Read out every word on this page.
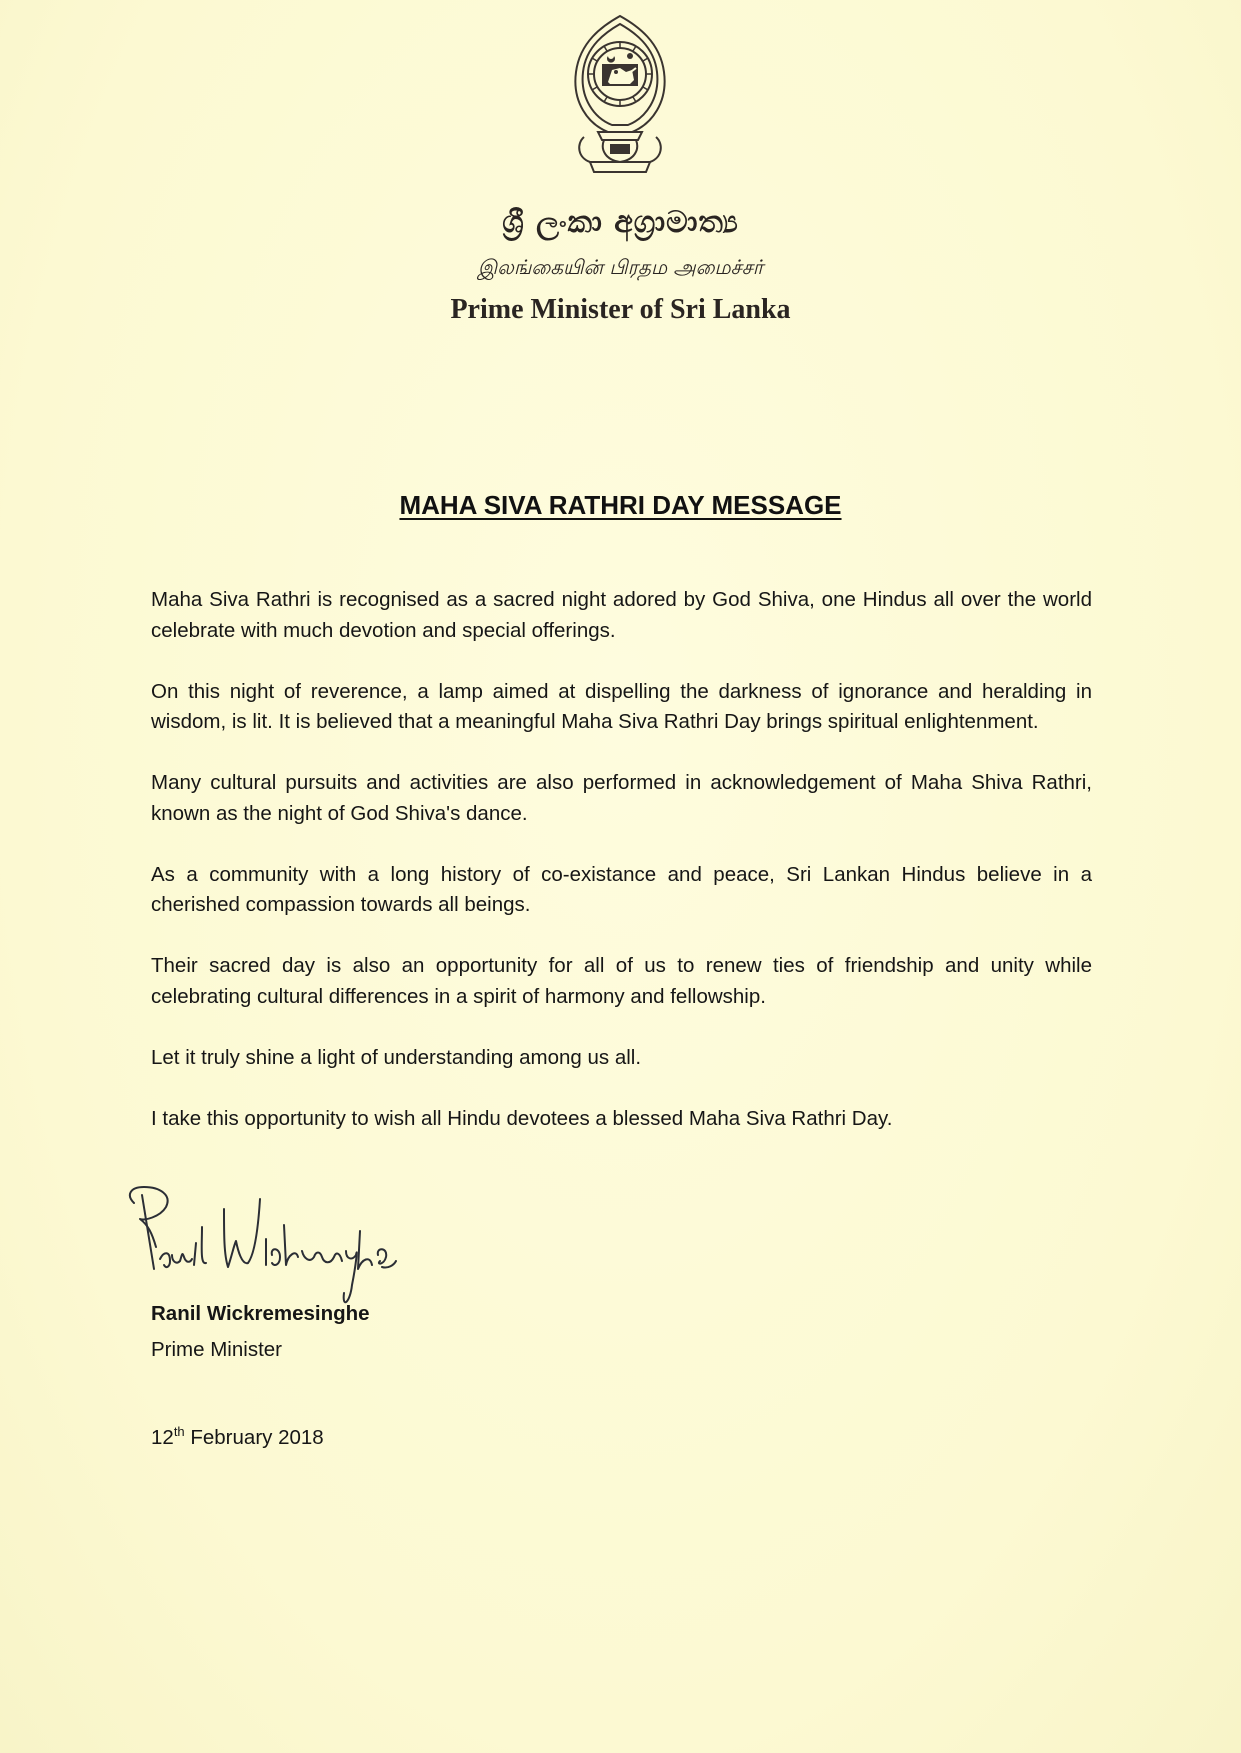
ශ්‍රී ලංකා අග්‍රාමාත්‍ය
இலங்கையின் பிரதம அமைச்சர்
Prime Minister of Sri Lanka
MAHA SIVA RATHRI DAY MESSAGE

Maha Siva Rathri is recognised as a sacred night adored by God Shiva, one Hindus all over the world celebrate with much devotion and special offerings.

On this night of reverence, a lamp aimed at dispelling the darkness of ignorance and heralding in wisdom, is lit. It is believed that a meaningful Maha Siva Rathri Day brings spiritual enlightenment.

Many cultural pursuits and activities are also performed in acknowledgement of Maha Shiva Rathri, known as the night of God Shiva's dance.

As a community with a long history of co-existance and peace, Sri Lankan Hindus believe in a cherished compassion towards all beings.

Their sacred day is also an opportunity for all of us to renew ties of friendship and unity while celebrating cultural differences in a spirit of harmony and fellowship.

Let it truly shine a light of understanding among us all.

I take this opportunity to wish all Hindu devotees a blessed Maha Siva Rathri Day.

Ranil Wickremesinghe
Prime Minister
12th February 2018
